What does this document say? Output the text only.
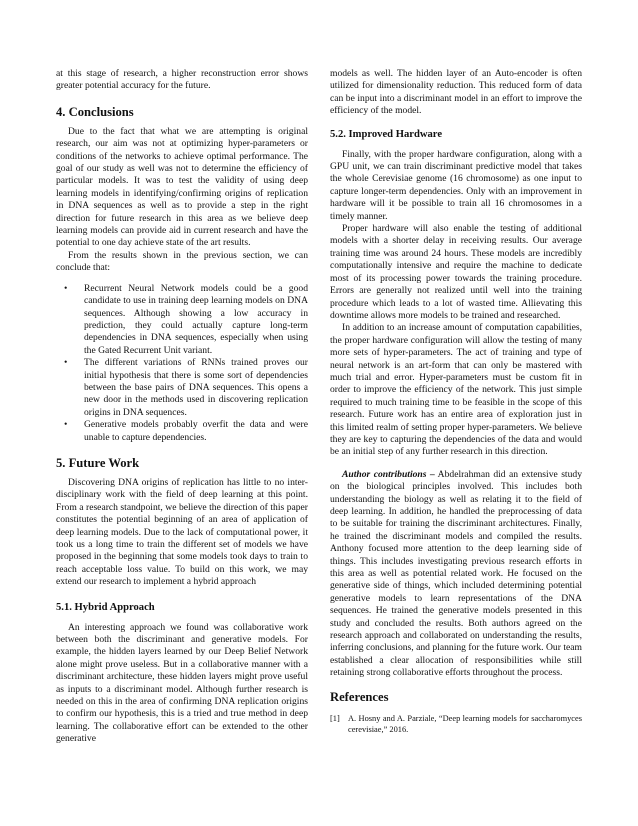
at this stage of research, a higher reconstruction error shows greater potential accuracy for the future.

4. Conclusions

Due to the fact that what we are attempting is original research, our aim was not at optimizing hyper-parameters or conditions of the networks to achieve optimal performance. The goal of our study as well was not to determine the efficiency of particular models. It was to test the validity of using deep learning models in identifying/confirming origins of replication in DNA sequences as well as to provide a step in the right direction for future research in this area as we believe deep learning models can provide aid in current research and have the potential to one day achieve state of the art results.

From the results shown in the previous section, we can conclude that:

• Recurrent Neural Network models could be a good candidate to use in training deep learning models on DNA sequences. Although showing a low accuracy in prediction, they could actually capture long-term dependencies in DNA sequences, especially when using the Gated Recurrent Unit variant.
• The different variations of RNNs trained proves our initial hypothesis that there is some sort of dependencies between the base pairs of DNA sequences. This opens a new door in the methods used in discovering replication origins in DNA sequences.
• Generative models probably overfit the data and were unable to capture dependencies.
5. Future Work

Discovering DNA origins of replication has little to no inter-disciplinary work with the field of deep learning at this point. From a research standpoint, we believe the direction of this paper constitutes the potential beginning of an area of application of deep learning models. Due to the lack of computational power, it took us a long time to train the different set of models we have proposed in the beginning that some models took days to train to reach acceptable loss value. To build on this work, we may extend our research to implement a hybrid approach

5.1. Hybrid Approach

An interesting approach we found was collaborative work between both the discriminant and generative models. For example, the hidden layers learned by our Deep Belief Network alone might prove useless. But in a collaborative manner with a discriminant architecture, these hidden layers might prove useful as inputs to a discriminant model. Although further research is needed on this in the area of confirming DNA replication origins to confirm our hypothesis, this is a tried and true method in deep learning. The collaborative effort can be extended to the other generative

models as well. The hidden layer of an Auto-encoder is often utilized for dimensionality reduction. This reduced form of data can be input into a discriminant model in an effort to improve the efficiency of the model.

5.2. Improved Hardware

Finally, with the proper hardware configuration, along with a GPU unit, we can train discriminant predictive model that takes the whole Cerevisiae genome (16 chromosome) as one input to capture longer-term dependencies. Only with an improvement in hardware will it be possible to train all 16 chromosomes in a timely manner.

Proper hardware will also enable the testing of additional models with a shorter delay in receiving results. Our average training time was around 24 hours. These models are incredibly computationally intensive and require the machine to dedicate most of its processing power towards the training procedure. Errors are generally not realized until well into the training procedure which leads to a lot of wasted time. Allievating this downtime allows more models to be trained and researched.

In addition to an increase amount of computation capabilities, the proper hardware configuration will allow the testing of many more sets of hyper-parameters. The act of training and type of neural network is an art-form that can only be mastered with much trial and error. Hyper-parameters must be custom fit in order to improve the efficiency of the network. This just simple required to much training time to be feasible in the scope of this research. Future work has an entire area of exploration just in this limited realm of setting proper hyper-parameters. We believe they are key to capturing the dependencies of the data and would be an initial step of any further research in this direction.

Author contributions – Abdelrahman did an extensive study on the biological principles involved. This includes both understanding the biology as well as relating it to the field of deep learning. In addition, he handled the preprocessing of data to be suitable for training the discriminant architectures. Finally, he trained the discriminant models and compiled the results. Anthony focused more attention to the deep learning side of things. This includes investigating previous research efforts in this area as well as potential related work. He focused on the generative side of things, which included determining potential generative models to learn representations of the DNA sequences. He trained the generative models presented in this study and concluded the results. Both authors agreed on the research approach and collaborated on understanding the results, inferring conclusions, and planning for the future work. Our team established a clear allocation of responsibilities while still retaining strong collaborative efforts throughout the process.

References
[1] A. Hosny and A. Parziale, “Deep learning models for saccharomyces cerevisiae,” 2016.
